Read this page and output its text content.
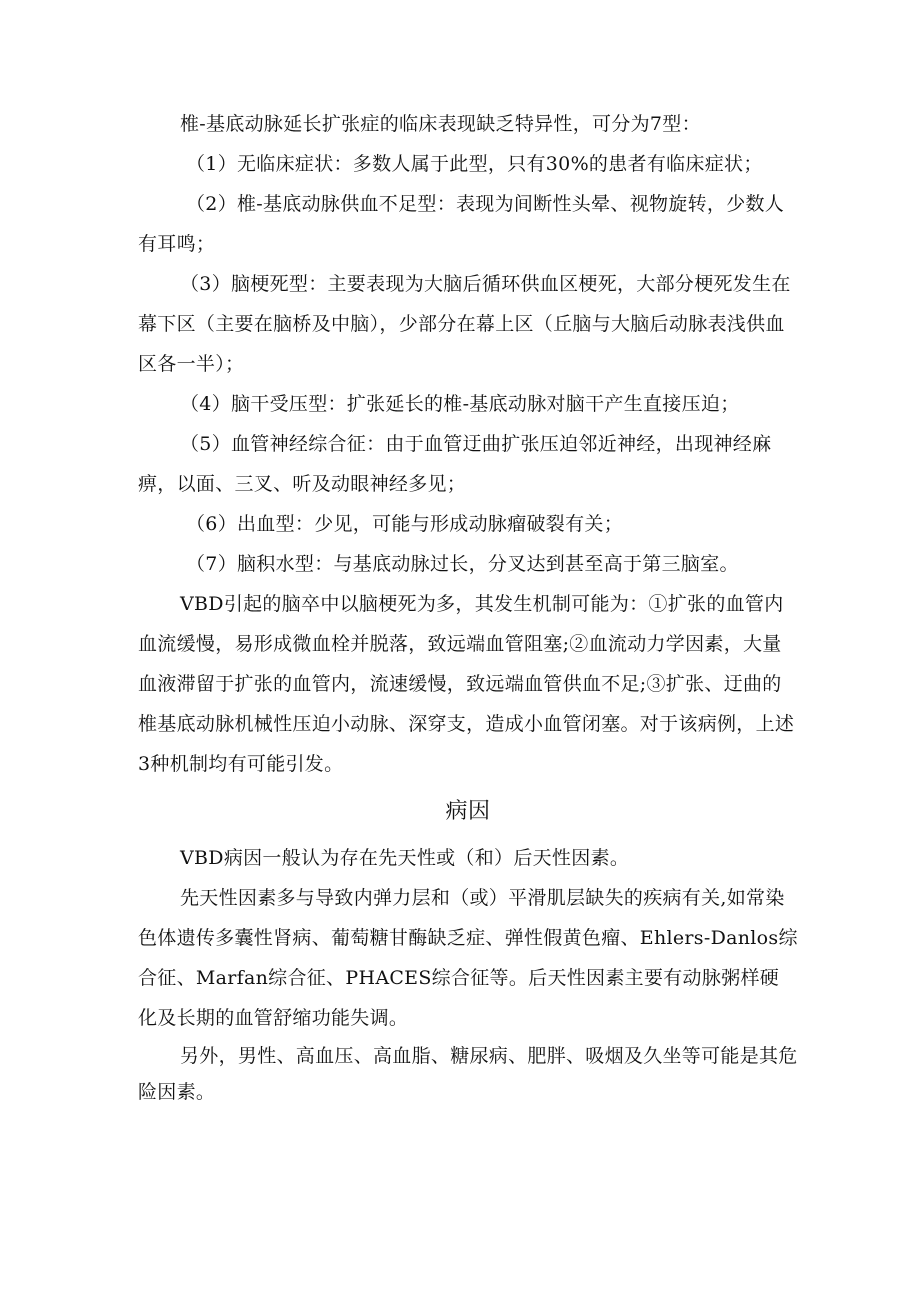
椎-基底动脉延长扩张症的临床表现缺乏特异性，可分为7型：

（1）无临床症状：多数人属于此型，只有30%的患者有临床症状；

（2）椎-基底动脉供血不足型：表现为间断性头晕、视物旋转，少数人有耳鸣；

（3）脑梗死型：主要表现为大脑后循环供血区梗死，大部分梗死发生在幕下区（主要在脑桥及中脑），少部分在幕上区（丘脑与大脑后动脉表浅供血区各一半）；

（4）脑干受压型：扩张延长的椎-基底动脉对脑干产生直接压迫；

（5）血管神经综合征：由于血管迂曲扩张压迫邻近神经，出现神经麻痹，以面、三叉、听及动眼神经多见；

（6）出血型：少见，可能与形成动脉瘤破裂有关；

（7）脑积水型：与基底动脉过长，分叉达到甚至高于第三脑室。

VBD引起的脑卒中以脑梗死为多，其发生机制可能为：①扩张的血管内血流缓慢，易形成微血栓并脱落，致远端血管阻塞;②血流动力学因素，大量血液滞留于扩张的血管内，流速缓慢，致远端血管供血不足;③扩张、迂曲的椎基底动脉机械性压迫小动脉、深穿支，造成小血管闭塞。对于该病例，上述3种机制均有可能引发。

病因

VBD病因一般认为存在先天性或（和）后天性因素。

先天性因素多与导致内弹力层和（或）平滑肌层缺失的疾病有关,如常染色体遗传多囊性肾病、葡萄糖甘酶缺乏症、弹性假黄色瘤、Ehlers-Danlos综合征、Marfan综合征、PHACES综合征等。后天性因素主要有动脉粥样硬化及长期的血管舒缩功能失调。

另外，男性、高血压、高血脂、糖尿病、肥胖、吸烟及久坐等可能是其危险因素。
